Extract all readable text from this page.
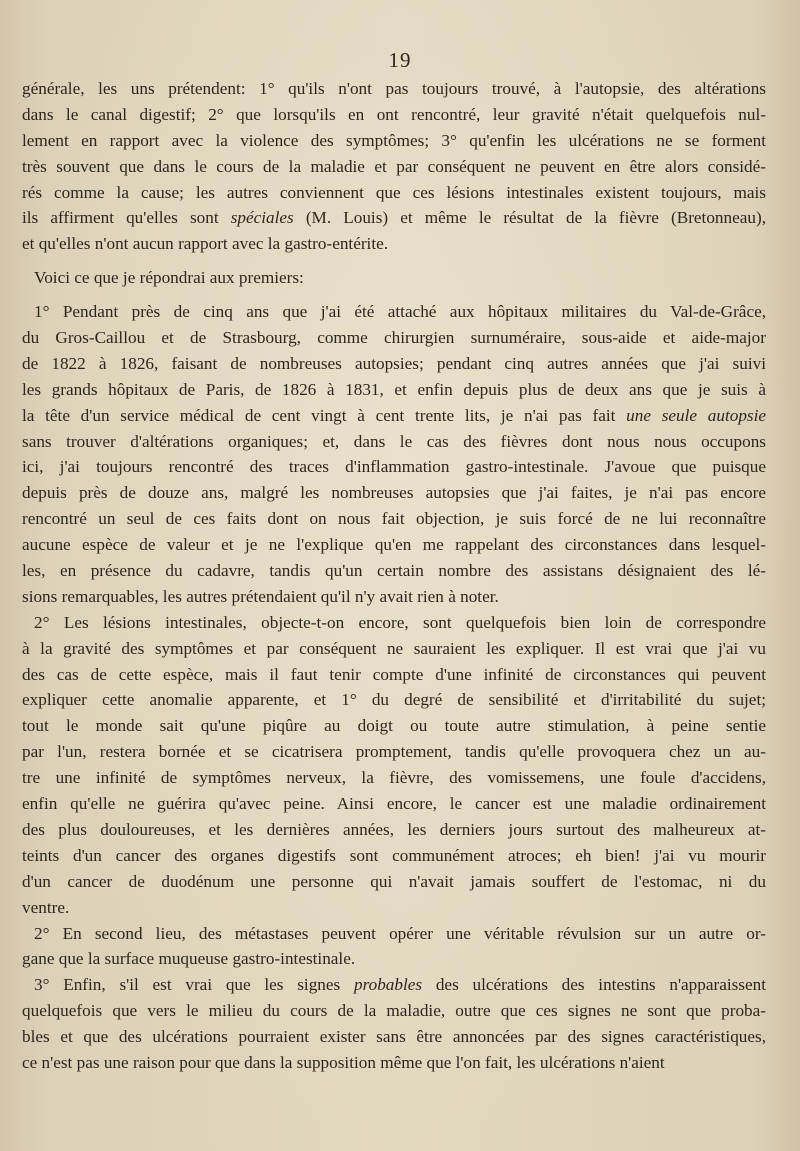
19
générale, les uns prétendent: 1° qu'ils n'ont pas toujours trouvé, à l'autopsie, des altérations
dans le canal digestif; 2° que lorsqu'ils en ont rencontré, leur gravité n'était quelquefois nul-
lement en rapport avec la violence des symptômes; 3° qu'enfin les ulcérations ne se forment
très souvent que dans le cours de la maladie et par conséquent ne peuvent en être alors considé-
rés comme la cause; les autres conviennent que ces lésions intestinales existent toujours, mais
ils affirment qu'elles sont spéciales (M. Louis) et même le résultat de la fièvre (Bretonneau),
et qu'elles n'ont aucun rapport avec la gastro-entérite.
Voici ce que je répondrai aux premiers:
1° Pendant près de cinq ans que j'ai été attaché aux hôpitaux militaires du Val-de-Grâce,
du Gros-Caillou et de Strasbourg, comme chirurgien surnuméraire, sous-aide et aide-major
de 1822 à 1826, faisant de nombreuses autopsies; pendant cinq autres années que j'ai suivi
les grands hôpitaux de Paris, de 1826 à 1831, et enfin depuis plus de deux ans que je suis à
la tête d'un service médical de cent vingt à cent trente lits, je n'ai pas fait une seule autopsie
sans trouver d'altérations organiques; et, dans le cas des fièvres dont nous nous occupons
ici, j'ai toujours rencontré des traces d'inflammation gastro-intestinale. J'avoue que puisque
depuis près de douze ans, malgré les nombreuses autopsies que j'ai faites, je n'ai pas encore
rencontré un seul de ces faits dont on nous fait objection, je suis forcé de ne lui reconnaître
aucune espèce de valeur et je ne l'explique qu'en me rappelant des circonstances dans lesquel-
les, en présence du cadavre, tandis qu'un certain nombre des assistans désignaient des lé-
sions remarquables, les autres prétendaient qu'il n'y avait rien à noter.
2° Les lésions intestinales, objecte-t-on encore, sont quelquefois bien loin de correspondre
à la gravité des symptômes et par conséquent ne sauraient les expliquer. Il est vrai que j'ai vu
des cas de cette espèce, mais il faut tenir compte d'une infinité de circonstances qui peuvent
expliquer cette anomalie apparente, et 1° du degré de sensibilité et d'irritabilité du sujet;
tout le monde sait qu'une piqûre au doigt ou toute autre stimulation, à peine sentie
par l'un, restera bornée et se cicatrisera promptement, tandis qu'elle provoquera chez un au-
tre une infinité de symptômes nerveux, la fièvre, des vomissemens, une foule d'accidens,
enfin qu'elle ne guérira qu'avec peine. Ainsi encore, le cancer est une maladie ordinairement
des plus douloureuses, et les dernières années, les derniers jours surtout des malheureux at-
teints d'un cancer des organes digestifs sont communément atroces; eh bien! j'ai vu mourir
d'un cancer de duodénum une personne qui n'avait jamais souffert de l'estomac, ni du
ventre.
2° En second lieu, des métastases peuvent opérer une véritable révulsion sur un autre or-
gane que la surface muqueuse gastro-intestinale.
3° Enfin, s'il est vrai que les signes probables des ulcérations des intestins n'apparaissent
quelquefois que vers le milieu du cours de la maladie, outre que ces signes ne sont que proba-
bles et que des ulcérations pourraient exister sans être annoncées par des signes caractéristiques,
ce n'est pas une raison pour que dans la supposition même que l'on fait, les ulcérations n'aient
